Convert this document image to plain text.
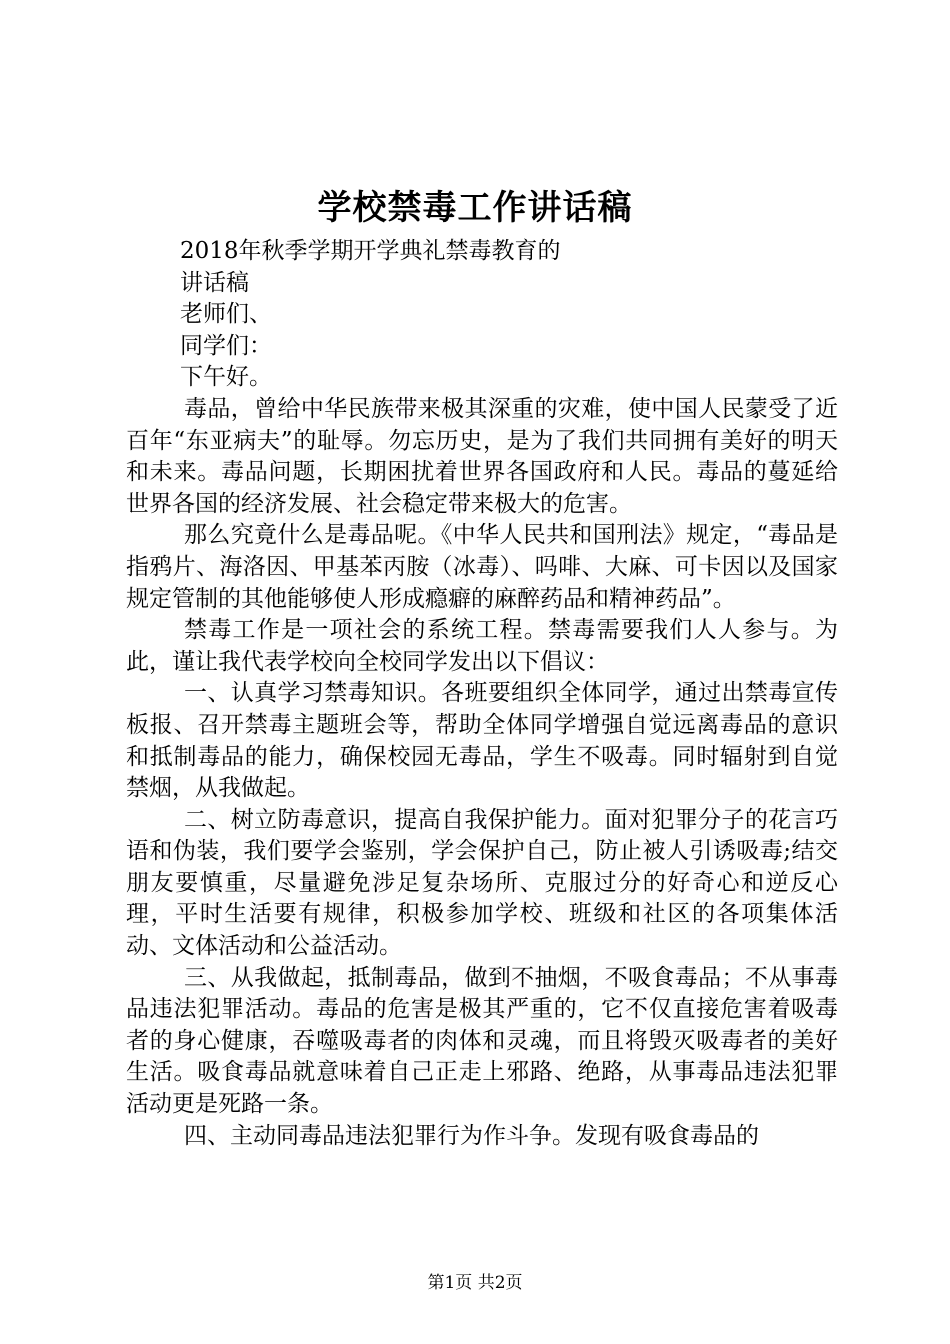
学校禁毒工作讲话稿
2018年秋季学期开学典礼禁毒教育的
讲话稿
老师们、
同学们：
下午好。

毒品，曾给中华民族带来极其深重的灾难，使中国人民蒙受了近百年“东亚病夫”的耻辱。勿忘历史，是为了我们共同拥有美好的明天和未来。毒品问题，长期困扰着世界各国政府和人民。毒品的蔓延给世界各国的经济发展、社会稳定带来极大的危害。

那么究竟什么是毒品呢。《中华人民共和国刑法》规定，“毒品是指鸦片、海洛因、甲基苯丙胺（冰毒）、吗啡、大麻、可卡因以及国家规定管制的其他能够使人形成瘾癖的麻醉药品和精神药品”。

禁毒工作是一项社会的系统工程。禁毒需要我们人人参与。为此，谨让我代表学校向全校同学发出以下倡议：

一、认真学习禁毒知识。各班要组织全体同学，通过出禁毒宣传板报、召开禁毒主题班会等，帮助全体同学增强自觉远离毒品的意识和抵制毒品的能力，确保校园无毒品，学生不吸毒。同时辐射到自觉禁烟，从我做起。

二、树立防毒意识，提高自我保护能力。面对犯罪分子的花言巧语和伪装，我们要学会鉴别，学会保护自己，防止被人引诱吸毒;结交朋友要慎重，尽量避免涉足复杂场所、克服过分的好奇心和逆反心理，平时生活要有规律，积极参加学校、班级和社区的各项集体活动、文体活动和公益活动。

三、从我做起，抵制毒品，做到不抽烟，不吸食毒品；不从事毒品违法犯罪活动。毒品的危害是极其严重的，它不仅直接危害着吸毒者的身心健康，吞噬吸毒者的肉体和灵魂，而且将毁灭吸毒者的美好生活。吸食毒品就意味着自己正走上邪路、绝路，从事毒品违法犯罪活动更是死路一条。

四、主动同毒品违法犯罪行为作斗争。发现有吸食毒品的

第1页 共2页
